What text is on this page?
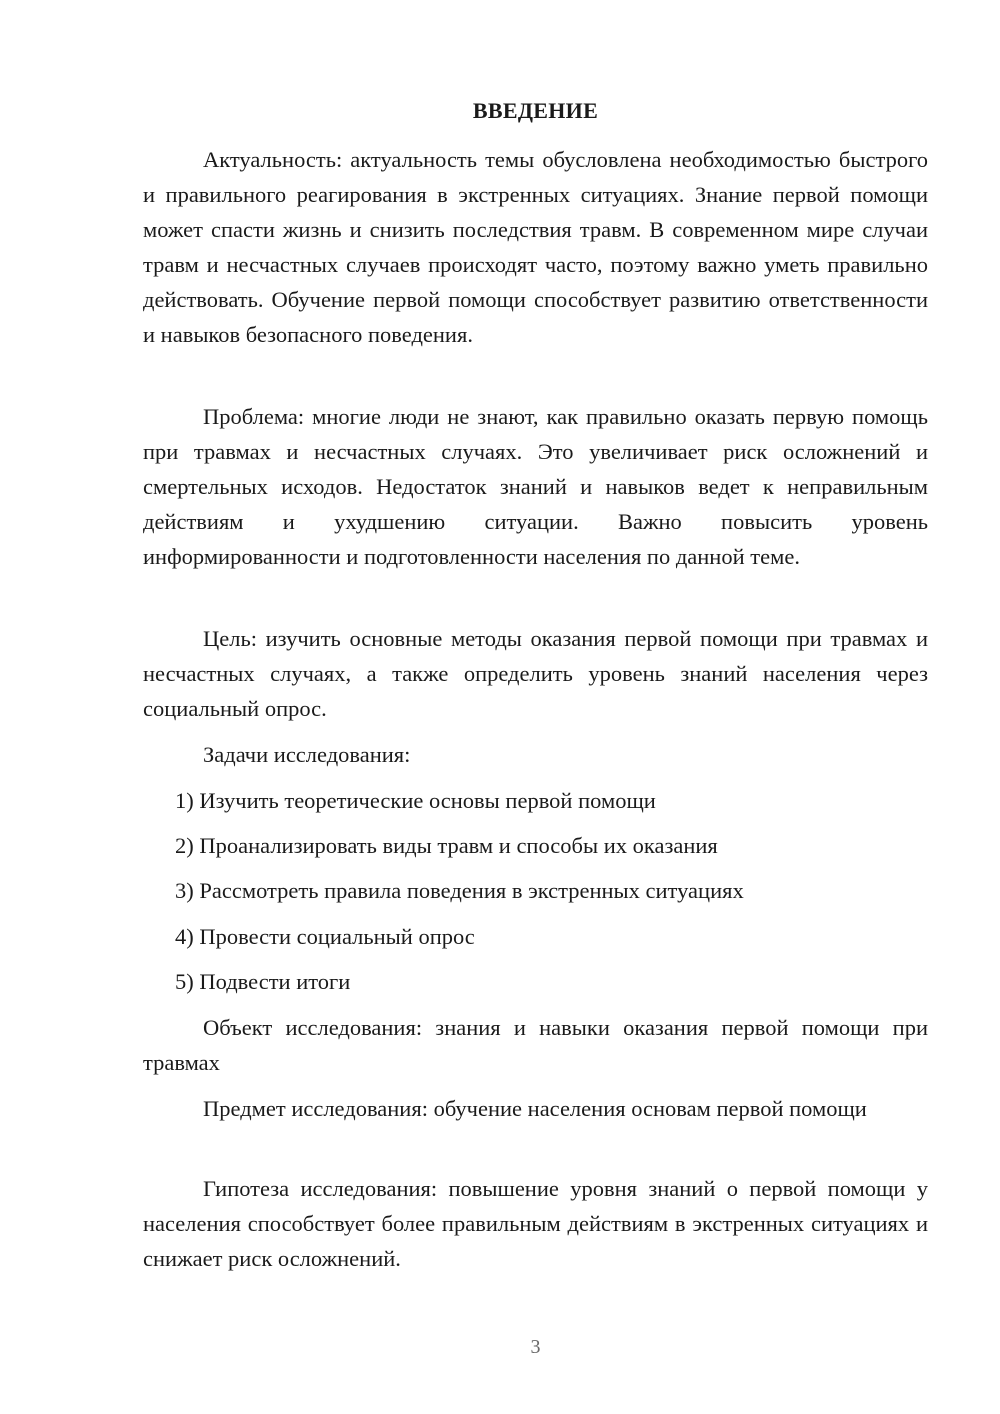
ВВЕДЕНИЕ

Актуальность: актуальность темы обусловлена необходимостью быстрого и правильного реагирования в экстренных ситуациях. Знание первой помощи может спасти жизнь и снизить последствия травм. В современном мире случаи травм и несчастных случаев происходят часто, поэтому важно уметь правильно действовать. Обучение первой помощи способствует развитию ответственности и навыков безопасного поведения.

Проблема: многие люди не знают, как правильно оказать первую помощь при травмах и несчастных случаях. Это увеличивает риск осложнений и смертельных исходов. Недостаток знаний и навыков ведет к неправильным действиям и ухудшению ситуации. Важно повысить уровень информированности и подготовленности населения по данной теме.

Цель: изучить основные методы оказания первой помощи при травмах и несчастных случаях, а также определить уровень знаний населения через социальный опрос.

Задачи исследования:
1) Изучить теоретические основы первой помощи
2) Проанализировать виды травм и способы их оказания
3) Рассмотреть правила поведения в экстренных ситуациях
4) Провести социальный опрос
5) Подвести итоги

Объект исследования: знания и навыки оказания первой помощи при травмах

Предмет исследования: обучение населения основам первой помощи

Гипотеза исследования: повышение уровня знаний о первой помощи у населения способствует более правильным действиям в экстренных ситуациях и снижает риск осложнений.

3
